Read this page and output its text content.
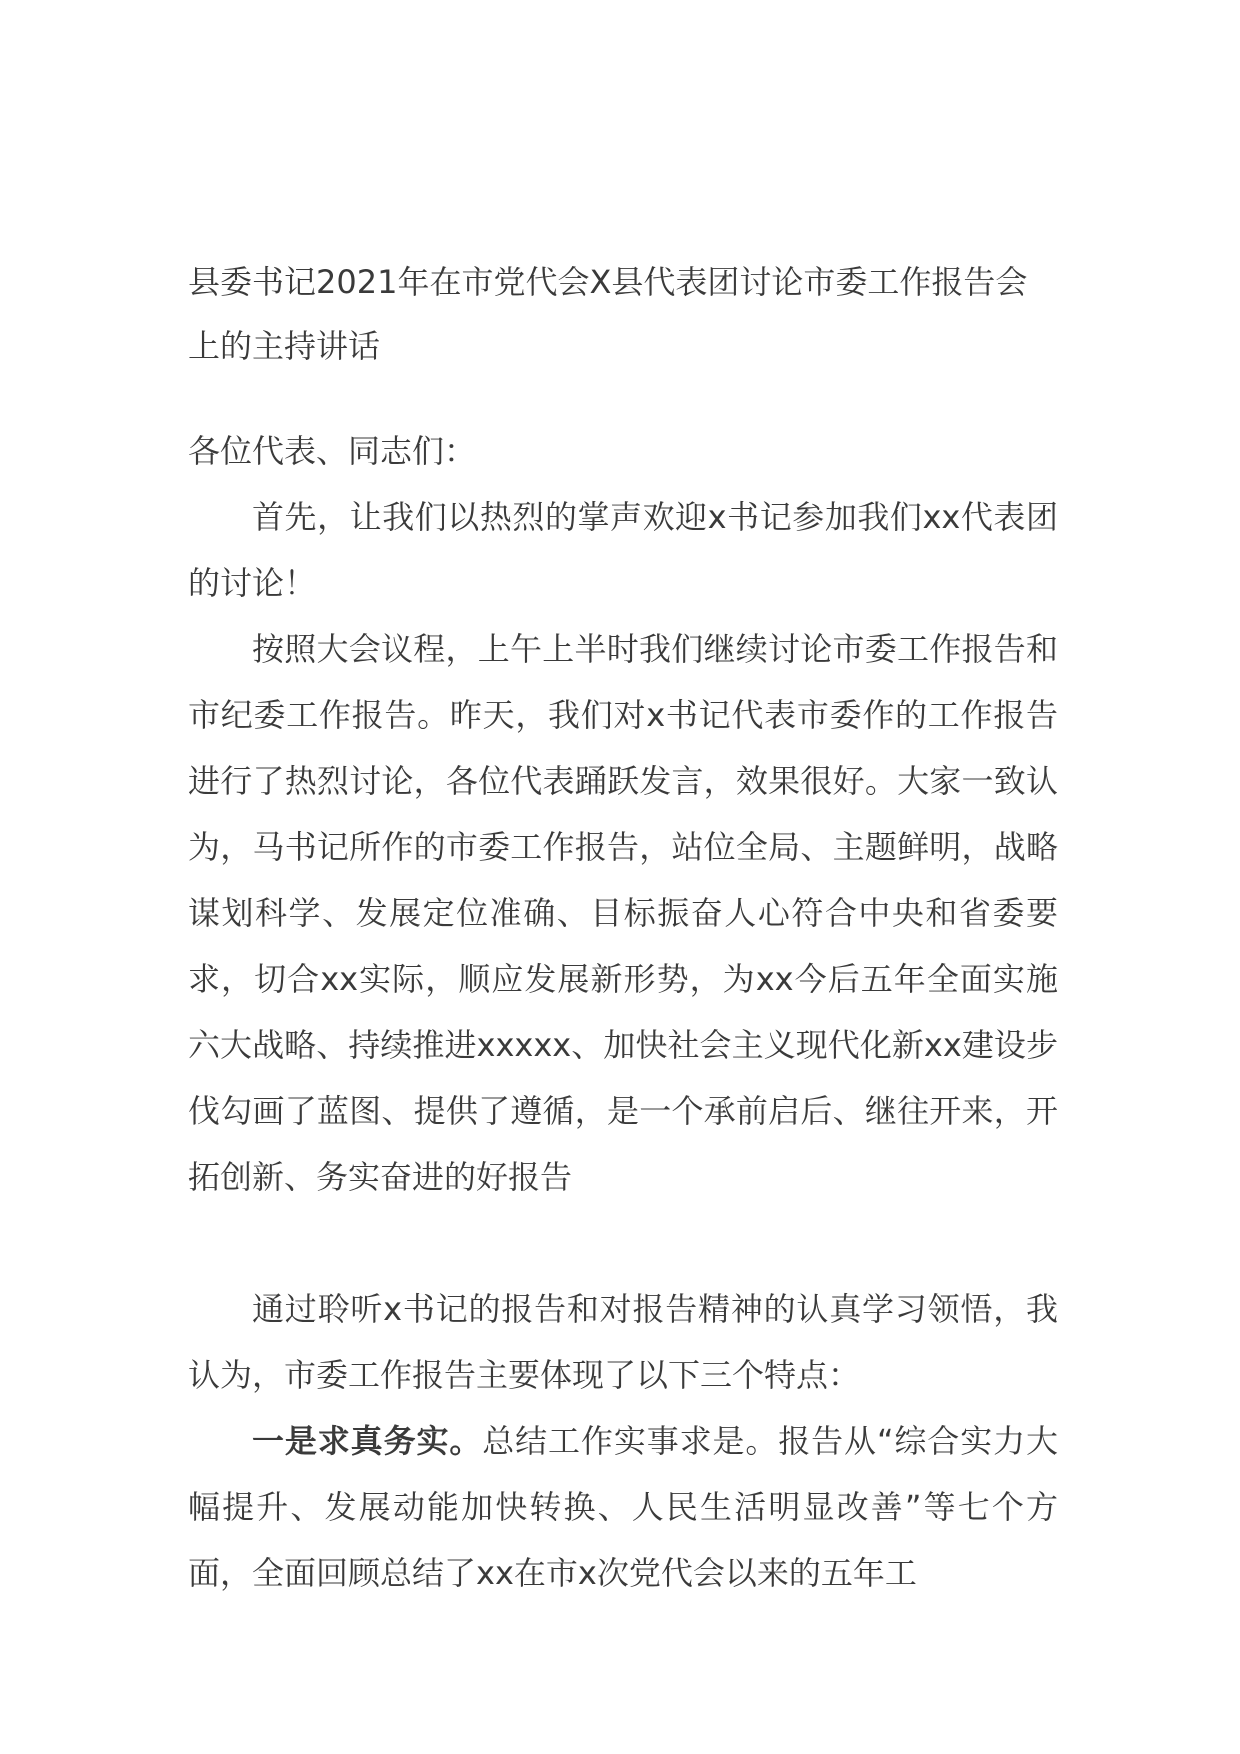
县委书记2021年在市党代会X县代表团讨论市委工作报告会上的主持讲话

各位代表、同志们：

首先，让我们以热烈的掌声欢迎x书记参加我们xx代表团的讨论！

按照大会议程，上午上半时我们继续讨论市委工作报告和市纪委工作报告。昨天，我们对x书记代表市委作的工作报告进行了热烈讨论，各位代表踊跃发言，效果很好。大家一致认为，马书记所作的市委工作报告，站位全局、主题鲜明，战略谋划科学、发展定位准确、目标振奋人心符合中央和省委要求，切合xx实际，顺应发展新形势，为xx今后五年全面实施六大战略、持续推进xxxxx、加快社会主义现代化新xx建设步伐勾画了蓝图、提供了遵循，是一个承前启后、继往开来，开拓创新、务实奋进的好报告

通过聆听x书记的报告和对报告精神的认真学习领悟，我认为，市委工作报告主要体现了以下三个特点：

一是求真务实。总结工作实事求是。报告从“综合实力大幅提升、发展动能加快转换、人民生活明显改善”等七个方面，全面回顾总结了xx在市x次党代会以来的五年工
